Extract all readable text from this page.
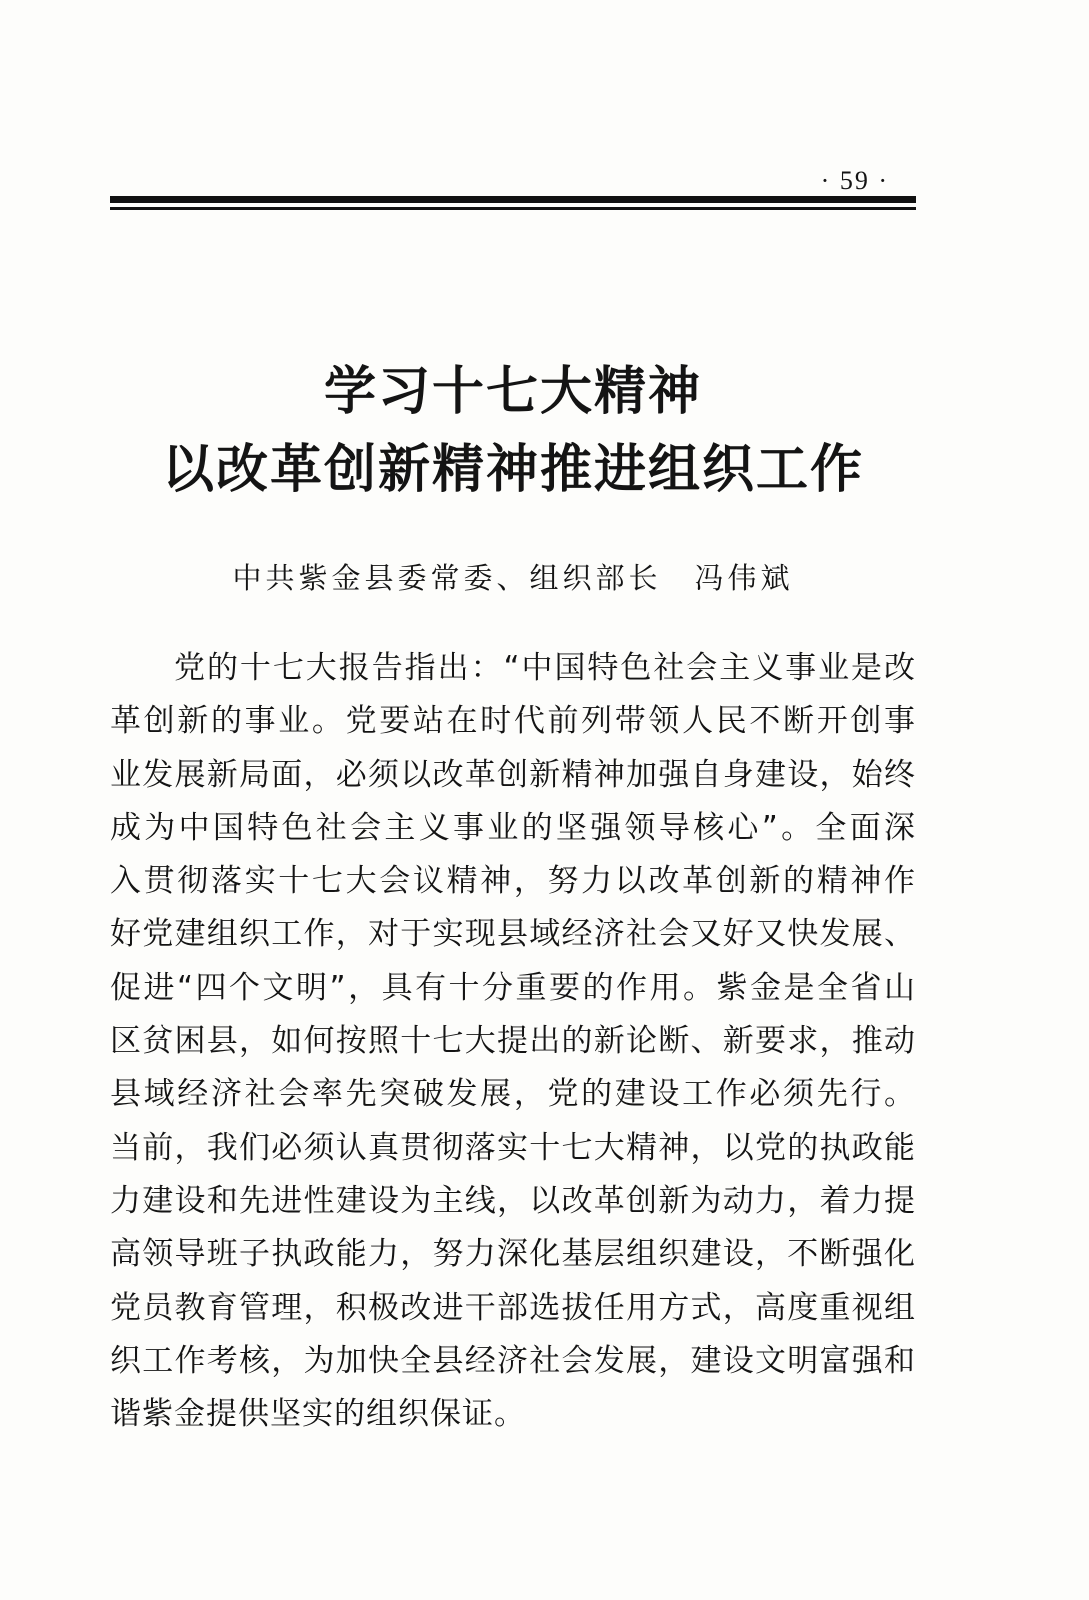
· 59 ·
学习十七大精神
以改革创新精神推进组织工作
中共紫金县委常委、组织部长　冯伟斌
党的十七大报告指出：“中国特色社会主义事业是改
革创新的事业。党要站在时代前列带领人民不断开创事
业发展新局面，必须以改革创新精神加强自身建设，始终
成为中国特色社会主义事业的坚强领导核心”。全面深
入贯彻落实十七大会议精神，努力以改革创新的精神作
好党建组织工作，对于实现县域经济社会又好又快发展、
促进“四个文明”，具有十分重要的作用。紫金是全省山
区贫困县，如何按照十七大提出的新论断、新要求，推动
县域经济社会率先突破发展，党的建设工作必须先行。
当前，我们必须认真贯彻落实十七大精神，以党的执政能
力建设和先进性建设为主线，以改革创新为动力，着力提
高领导班子执政能力，努力深化基层组织建设，不断强化
党员教育管理，积极改进干部选拔任用方式，高度重视组
织工作考核，为加快全县经济社会发展，建设文明富强和
谐紫金提供坚实的组织保证。
